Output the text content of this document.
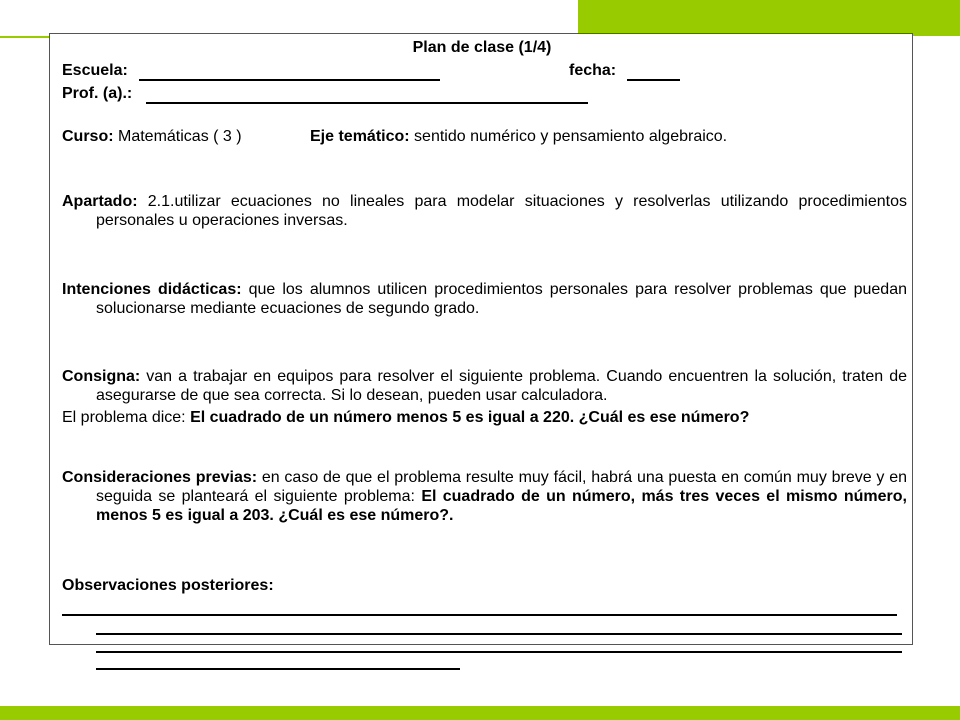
Plan de clase (1/4)
Escuela:	fecha:
Prof. (a).:
Curso: Matemáticas ( 3 )	Eje temático: sentido numérico y pensamiento algebraico.
Apartado: 2.1.utilizar ecuaciones no lineales para modelar situaciones y resolverlas utilizando procedimientos personales u operaciones inversas.
Intenciones didácticas: que los alumnos utilicen procedimientos personales para resolver problemas que puedan solucionarse mediante ecuaciones de segundo grado.
Consigna: van a trabajar en equipos para resolver el siguiente problema. Cuando encuentren la solución, traten de asegurarse de que sea correcta. Si lo desean, pueden usar calculadora.
El problema dice: El cuadrado de un número menos 5 es igual a 220. ¿Cuál es ese número?
Consideraciones previas: en caso de que el problema resulte muy fácil, habrá una puesta en común muy breve y en seguida se planteará el siguiente problema: El cuadrado de un número, más tres veces el mismo número, menos 5 es igual a 203. ¿Cuál es ese número?.
Observaciones posteriores:
